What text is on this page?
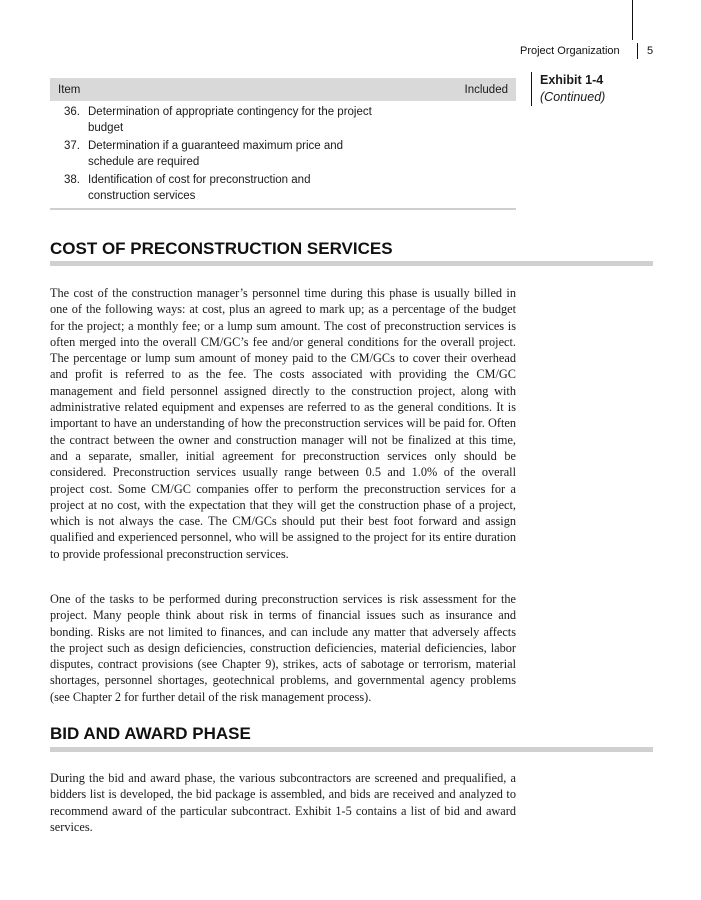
Project Organization 5
Exhibit 1-4
(Continued)
Item	Included
36. Determination of appropriate contingency for the project budget
37. Determination if a guaranteed maximum price and schedule are required
38. Identification of cost for preconstruction and construction services
COST OF PRECONSTRUCTION SERVICES
The cost of the construction manager’s personnel time during this phase is usually billed in one of the following ways: at cost, plus an agreed to mark up; as a percentage of the budget for the project; a monthly fee; or a lump sum amount. The cost of preconstruction services is often merged into the overall CM/GC’s fee and/or general conditions for the overall project. The percentage or lump sum amount of money paid to the CM/GCs to cover their overhead and profit is referred to as the fee. The costs associated with providing the CM/GC management and field personnel assigned directly to the construction project, along with administrative related equipment and expenses are referred to as the general conditions. It is important to have an understanding of how the preconstruction services will be paid for. Often the contract between the owner and construction manager will not be finalized at this time, and a separate, smaller, initial agreement for preconstruction services only should be considered. Preconstruction services usually range between 0.5 and 1.0% of the overall project cost. Some CM/GC companies offer to perform the preconstruction services for a project at no cost, with the expectation that they will get the construction phase of a project, which is not always the case. The CM/GCs should put their best foot forward and assign qualified and experienced personnel, who will be assigned to the project for its entire duration to provide professional preconstruction services.
One of the tasks to be performed during preconstruction services is risk assessment for the project. Many people think about risk in terms of financial issues such as insurance and bonding. Risks are not limited to finances, and can include any matter that adversely affects the project such as design deficiencies, construction deficiencies, material deficiencies, labor disputes, contract provisions (see Chapter 9), strikes, acts of sabotage or terrorism, material shortages, personnel shortages, geotechnical problems, and governmental agency problems (see Chapter 2 for further detail of the risk management process).
BID AND AWARD PHASE
During the bid and award phase, the various subcontractors are screened and prequalified, a bidders list is developed, the bid package is assembled, and bids are received and analyzed to recommend award of the particular subcontract. Exhibit 1-5 contains a list of bid and award services.
